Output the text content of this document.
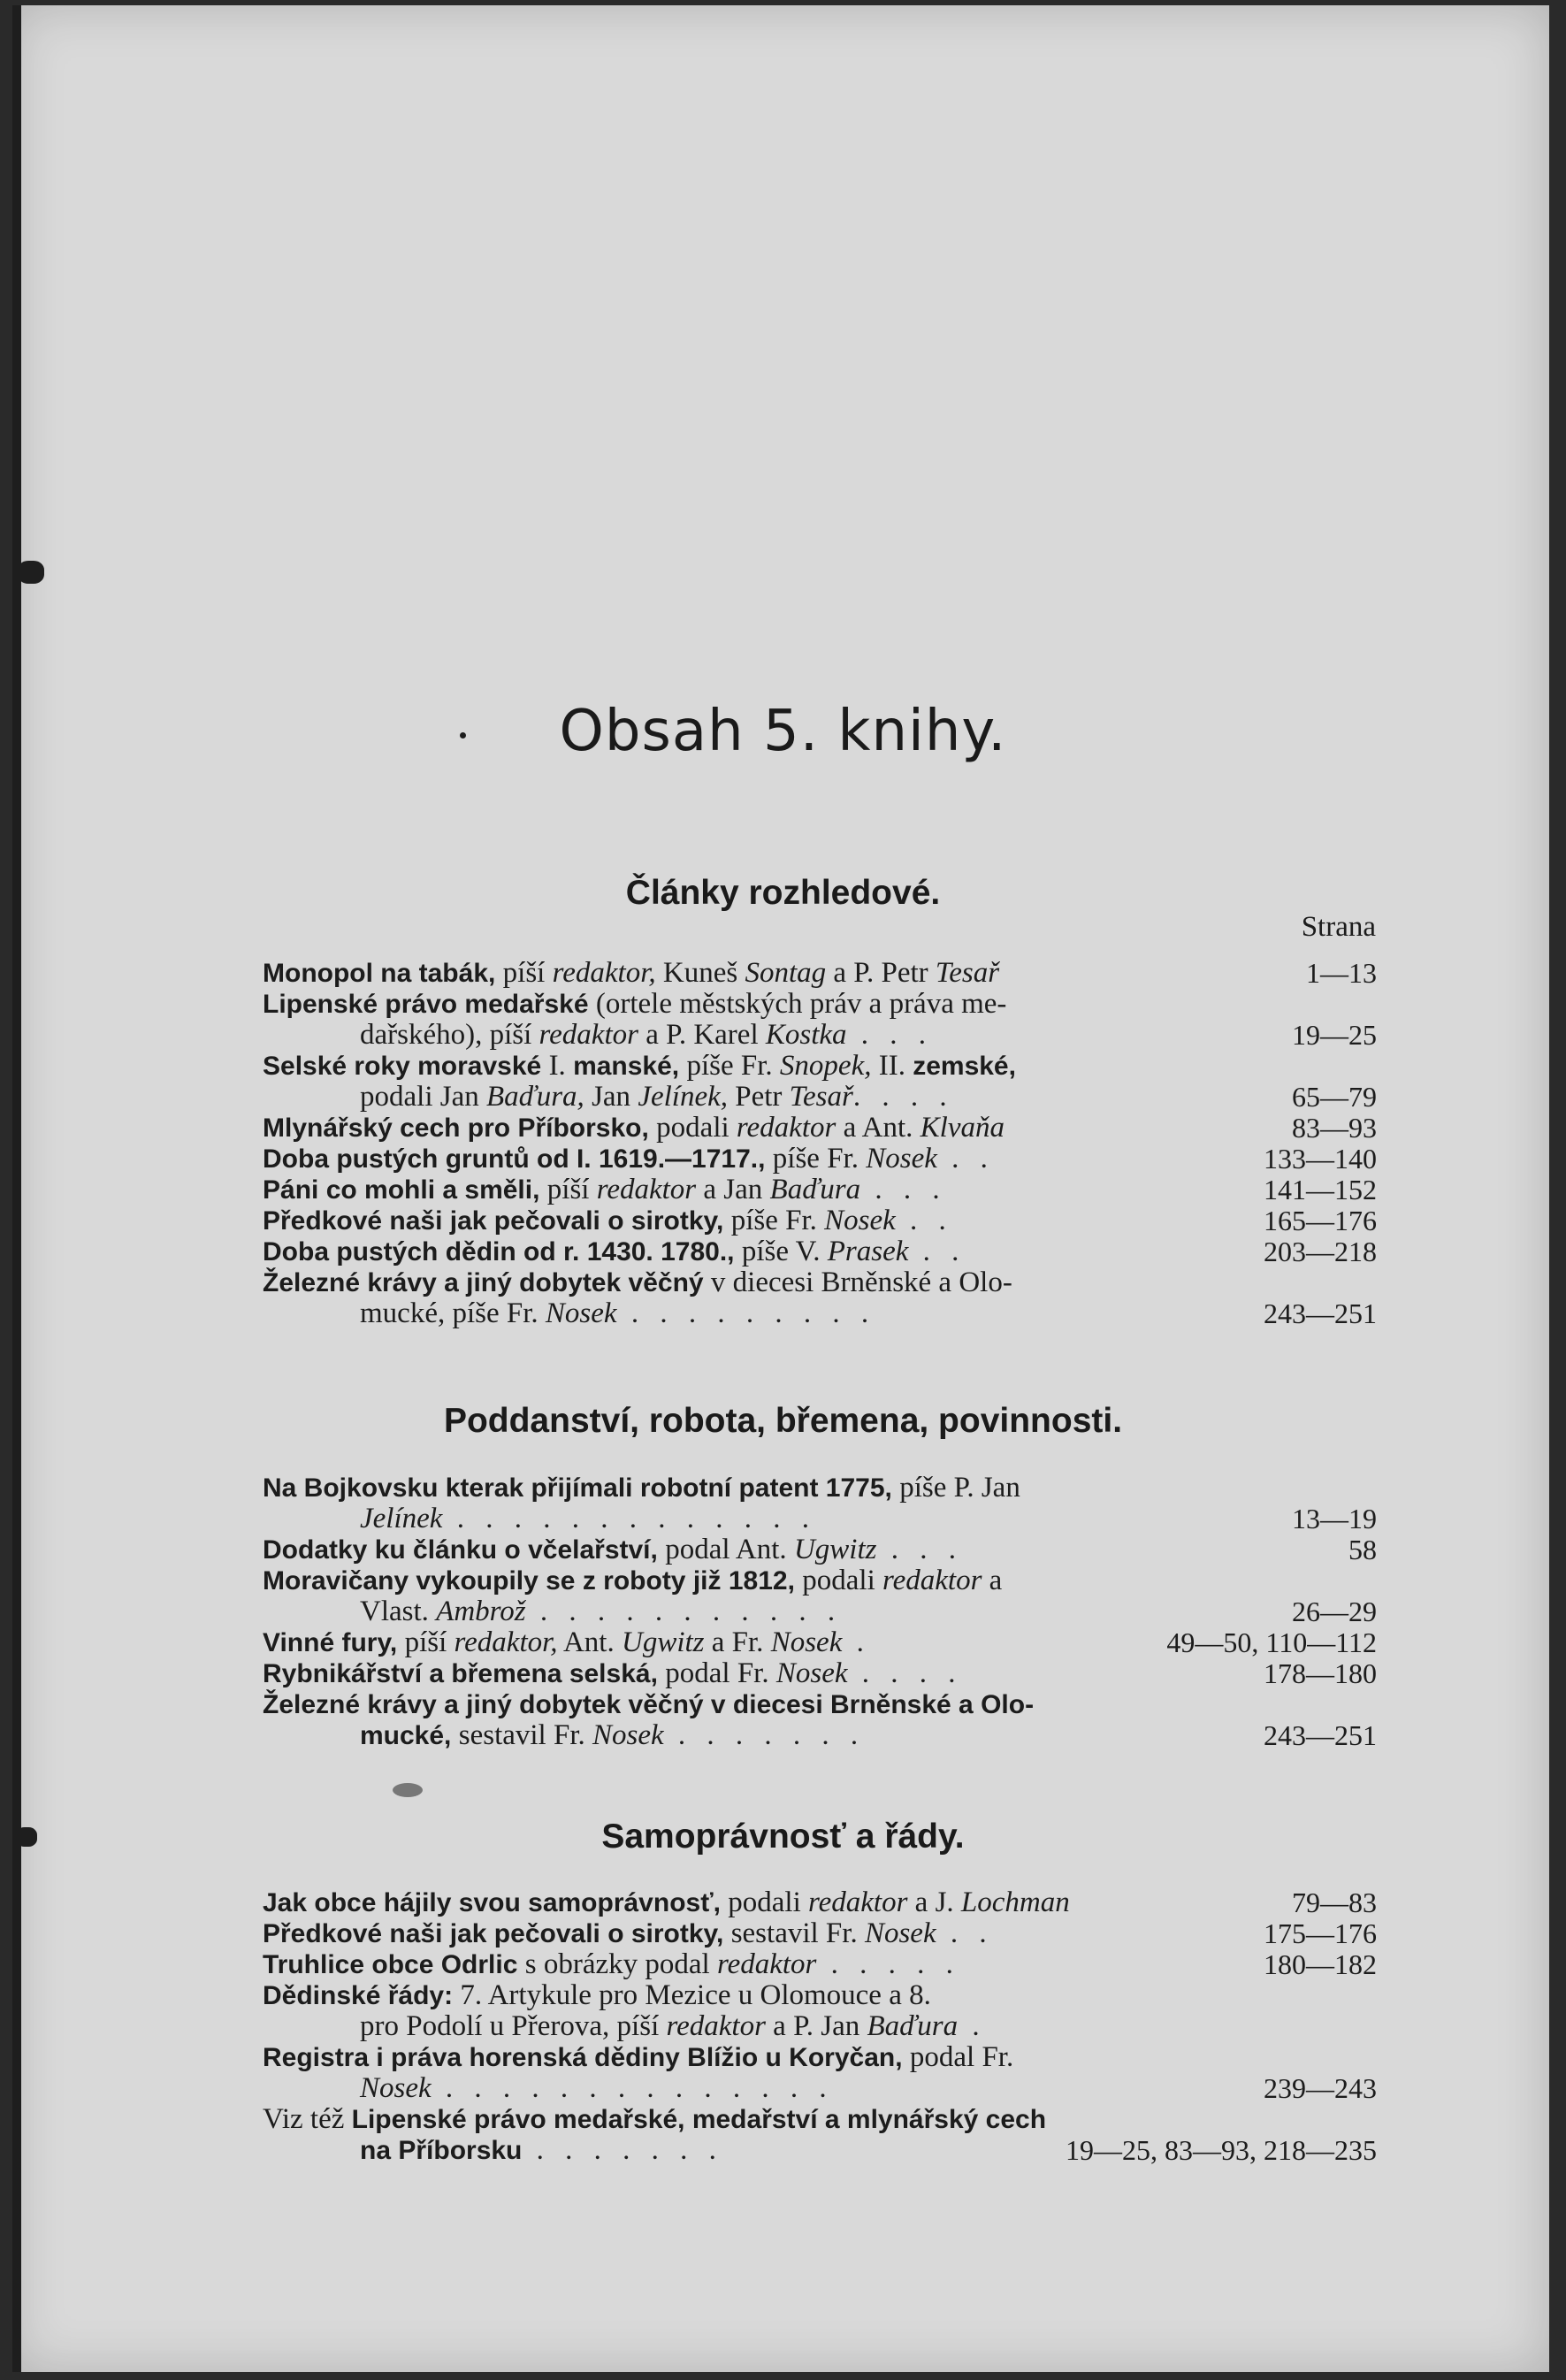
Obsah 5. knihy.
Články rozhledové.
Strana
Monopol na tabák, píší redaktor, Kuneš Sontag a P. Petr Tesař	1—13
Lipenské právo medařské (ortele městských práv a práva me-
dařského), píší redaktor a P. Karel Kostka . . .	19—25
Selské roky moravské I. manské, píše Fr. Snopek, II. zemské,
podali Jan Baďura, Jan Jelínek, Petr Tesař. . . .	65—79
Mlynářský cech pro Příborsko, podali redaktor a Ant. Klvaňa	83—93
Doba pustých gruntů od I. 1619.—1717., píše Fr. Nosek . .	133—140
Páni co mohli a směli, píší redaktor a Jan Baďura . . .	141—152
Předkové naši jak pečovali o sirotky, píše Fr. Nosek . .	165—176
Doba pustých dědin od r. 1430. 1780., píše V. Prasek . .	203—218
Železné krávy a jiný dobytek věčný v diecesi Brněnské a Olo-
mucké, píše Fr. Nosek . . . . . . . . .	243—251
Poddanství, robota, břemena, povinnosti.
Na Bojkovsku kterak přijímali robotní patent 1775, píše P. Jan
Jelínek . . . . . . . . . . . . .	13—19
Dodatky ku článku o včelařství, podal Ant. Ugwitz . . .	58
Moravičany vykoupily se z roboty již 1812, podali redaktor a
Vlast. Ambrož . . . . . . . . . . .	26—29
Vinné fury, píší redaktor, Ant. Ugwitz a Fr. Nosek .	49—50, 110—112
Rybnikářství a břemena selská, podal Fr. Nosek . . . .	178—180
Železné krávy a jiný dobytek věčný v diecesi Brněnské a Olo-
mucké, sestavil Fr. Nosek . . . . . . .	243—251
Samoprávnosť a řády.
Jak obce hájily svou samoprávnosť, podali redaktor a J. Lochman	79—83
Předkové naši jak pečovali o sirotky, sestavil Fr. Nosek . .	175—176
Truhlice obce Odrlic s obrázky podal redaktor . . . . .	180—182
Dědinské řády: 7. Artykule pro Mezice u Olomouce a 8.
pro Podolí u Přerova, píší redaktor a P. Jan Baďura .
Registra i práva horenská dědiny Blížio u Koryčan, podal Fr.
Nosek . . . . . . . . . . . . . .	239—243
Viz též Lipenské právo medařské, medařství a mlynářský cech
na Příborsku . . . . . . .	19—25, 83—93, 218—235
